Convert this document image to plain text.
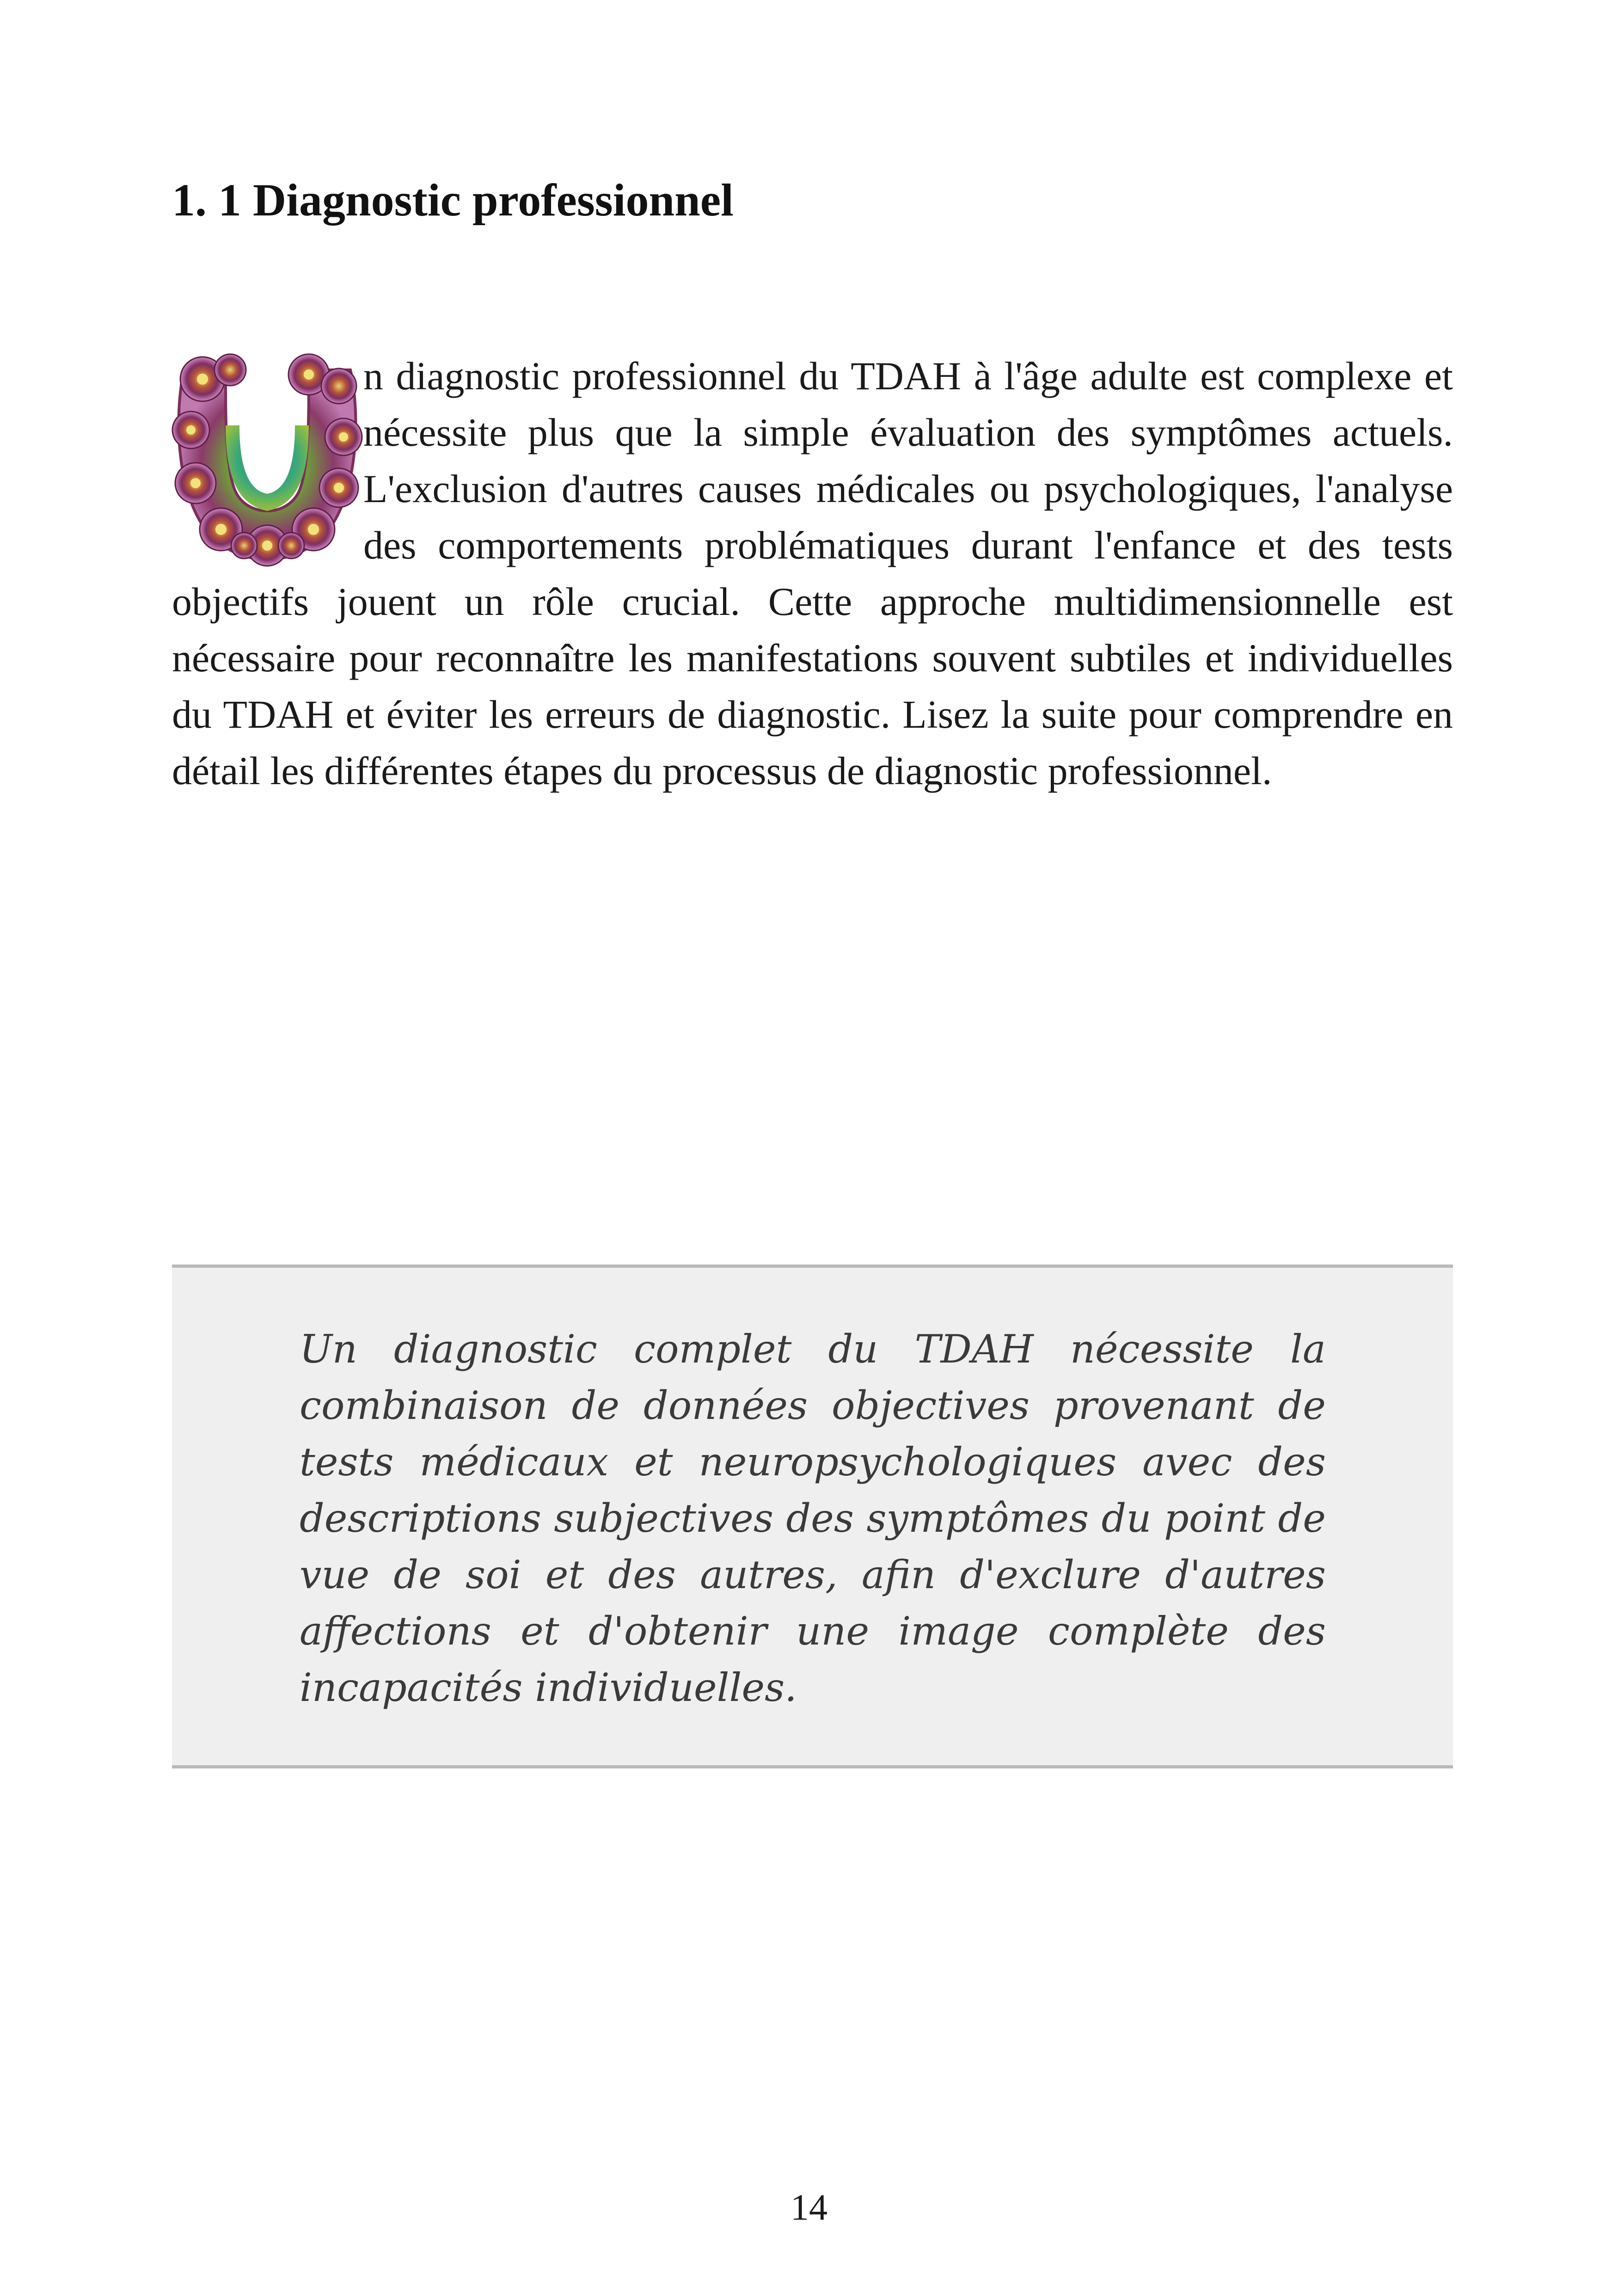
1. 1 Diagnostic professionnel

n diagnostic professionnel du TDAH à l'âge adulte est complexe et nécessite plus que la simple évaluation des symptômes actuels. L'exclusion d'autres causes médicales ou psychologiques, l'analyse des comportements problématiques durant l'enfance et des tests objectifs jouent un rôle crucial. Cette approche multidimensionnelle est nécessaire pour reconnaître les manifestations souvent subtiles et individuelles du TDAH et éviter les erreurs de diagnostic. Lisez la suite pour comprendre en détail les différentes étapes du processus de diagnostic professionnel.

Un diagnostic complet du TDAH nécessite la combinaison de données objectives provenant de tests médicaux et neuropsychologiques avec des descriptions subjectives des symptômes du point de vue de soi et des autres, afin d'exclure d'autres affections et d'obtenir une image complète des incapacités individuelles.

14
